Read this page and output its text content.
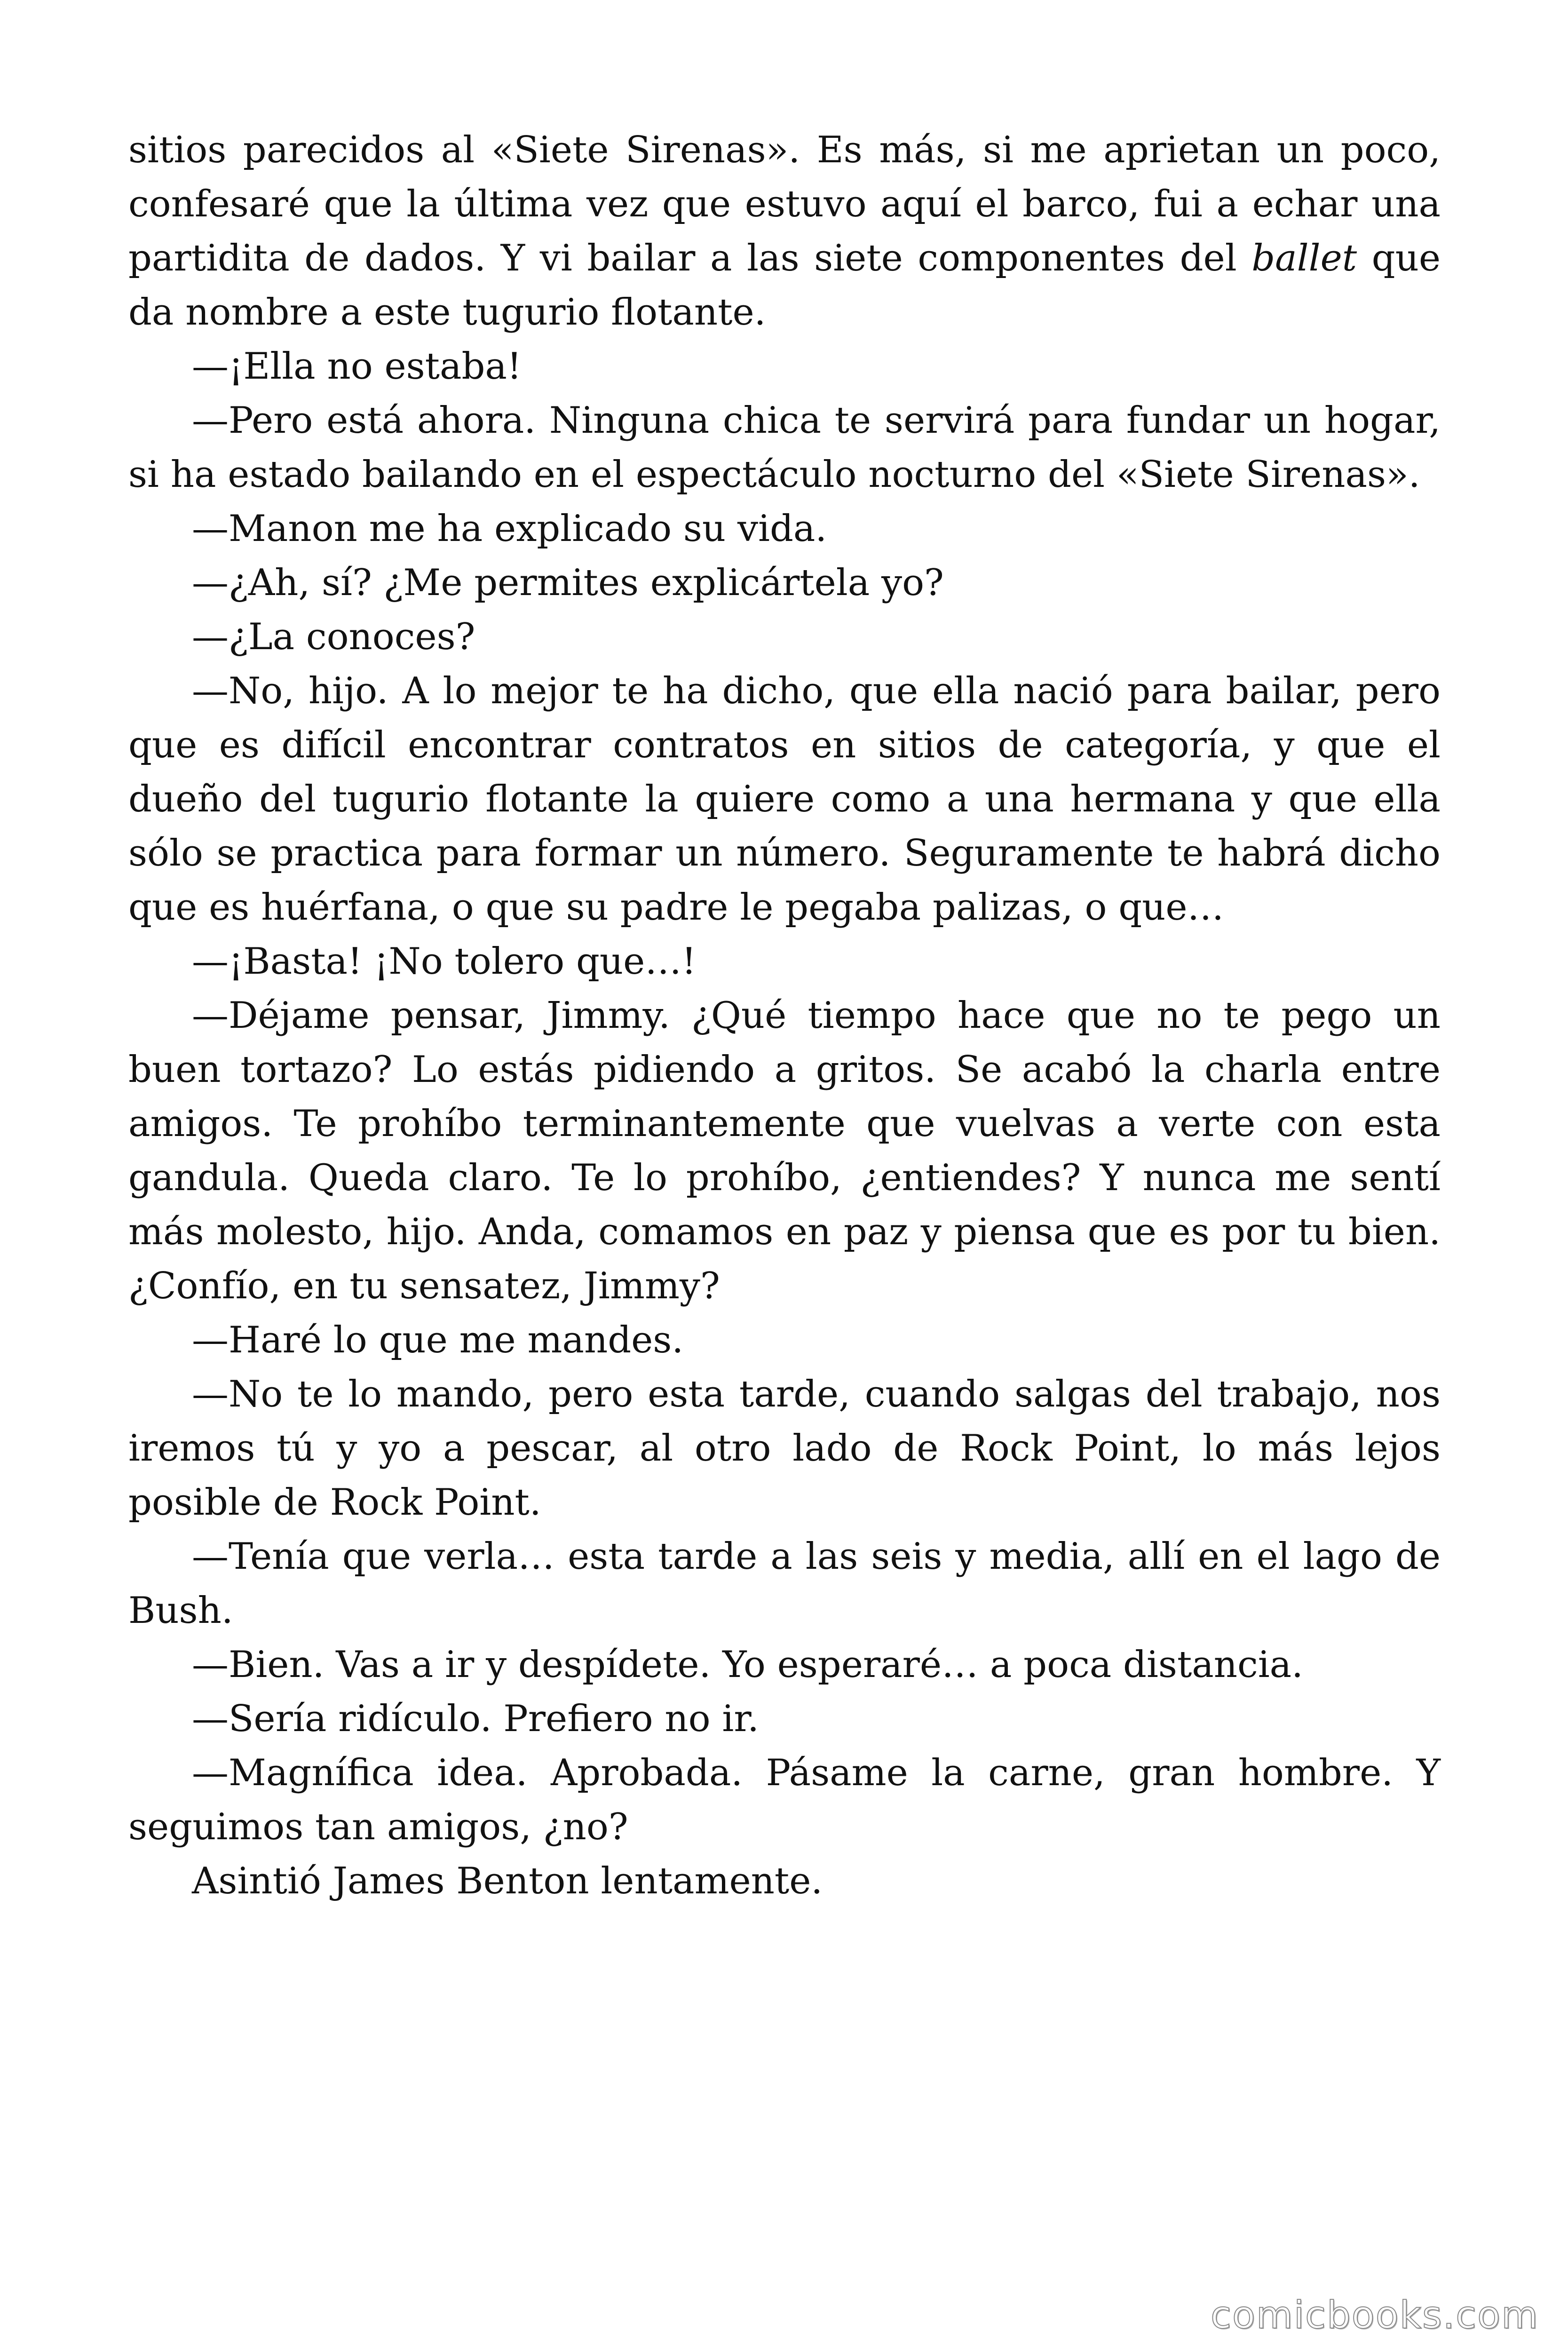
sitios parecidos al «Siete Sirenas». Es más, si me aprietan un poco, confesaré que la última vez que estuvo aquí el barco, fui a echar una partidita de dados. Y vi bailar a las siete componentes del ballet que da nombre a este tugurio flotante.

—¡Ella no estaba!

—Pero está ahora. Ninguna chica te servirá para fundar un hogar, si ha estado bailando en el espectáculo nocturno del «Siete Sirenas».

—Manon me ha explicado su vida.

—¿Ah, sí? ¿Me permites explicártela yo?

—¿La conoces?

—No, hijo. A lo mejor te ha dicho, que ella nació para bailar, pero que es difícil encontrar contratos en sitios de categoría, y que el dueño del tugurio flotante la quiere como a una hermana y que ella sólo se practica para formar un número. Seguramente te habrá dicho que es huérfana, o que su padre le pegaba palizas, o que…

—¡Basta! ¡No tolero que…!

—Déjame pensar, Jimmy. ¿Qué tiempo hace que no te pego un buen tortazo? Lo estás pidiendo a gritos. Se acabó la charla entre amigos. Te prohíbo terminantemente que vuelvas a verte con esta gandula. Queda claro. Te lo prohíbo, ¿entiendes? Y nunca me sentí más molesto, hijo. Anda, comamos en paz y piensa que es por tu bien. ¿Confío, en tu sensatez, Jimmy?

—Haré lo que me mandes.

—No te lo mando, pero esta tarde, cuando salgas del trabajo, nos iremos tú y yo a pescar, al otro lado de Rock Point, lo más lejos posible de Rock Point.

—Tenía que verla… esta tarde a las seis y media, allí en el lago de Bush.

—Bien. Vas a ir y despídete. Yo esperaré… a poca distancia.

—Sería ridículo. Prefiero no ir.

—Magnífica idea. Aprobada. Pásame la carne, gran hombre. Y seguimos tan amigos, ¿no?

Asintió James Benton lentamente.

comicbooks.com
